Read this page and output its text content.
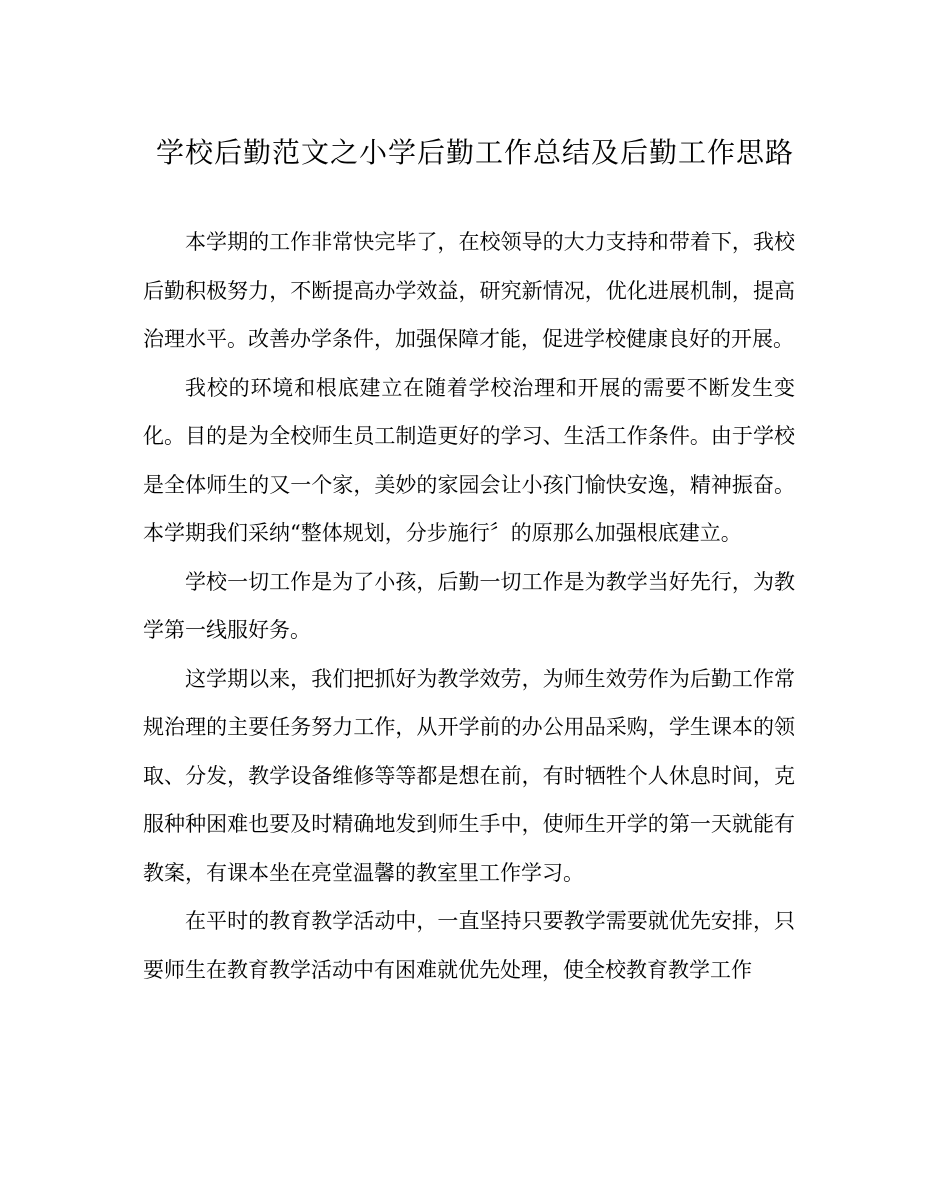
学校后勤范文之小学后勤工作总结及后勤工作思路

本学期的工作非常快完毕了，在校领导的大力支持和带着下，我校后勤积极努力，不断提高办学效益，研究新情况，优化进展机制，提高治理水平。改善办学条件，加强保障才能，促进学校健康良好的开展。

我校的环境和根底建立在随着学校治理和开展的需要不断发生变化。目的是为全校师生员工制造更好的学习、生活工作条件。由于学校是全体师生的又一个家，美妙的家园会让小孩门愉快安逸，精神振奋。本学期我们采纳“整体规划，分步施行〞的原那么加强根底建立。

学校一切工作是为了小孩，后勤一切工作是为教学当好先行，为教学第一线服好务。

这学期以来，我们把抓好为教学效劳，为师生效劳作为后勤工作常规治理的主要任务努力工作，从开学前的办公用品采购，学生课本的领取、分发，教学设备维修等等都是想在前，有时牺牲个人休息时间，克服种种困难也要及时精确地发到师生手中，使师生开学的第一天就能有教案，有课本坐在亮堂温馨的教室里工作学习。

在平时的教育教学活动中，一直坚持只要教学需要就优先安排，只要师生在教育教学活动中有困难就优先处理，使全校教育教学工作
